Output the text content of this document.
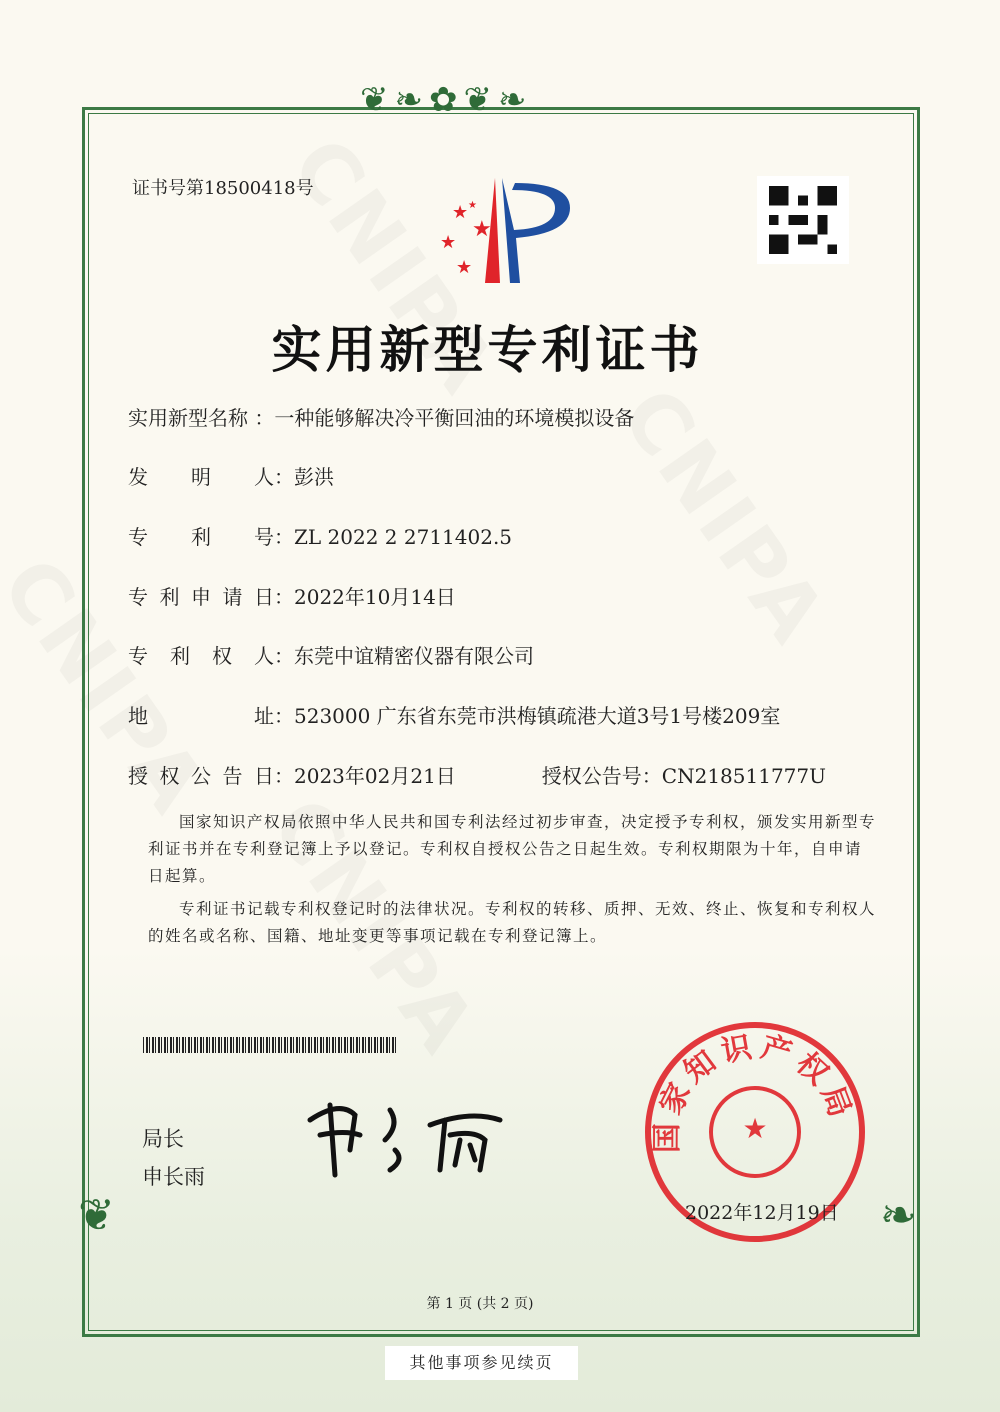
❦❧✿❦❧
❦	❧
证书号第18500418号
★
★
★
★
★
实用新型专利证书
实用新型名称 ：一种能够解决冷平衡回油的环境模拟设备
发明人：彭洪
专利号：ZL 2022 2 2711402.5
专利申请日：2022年10月14日
专利权人：东莞中谊精密仪器有限公司
地址：523000 广东省东莞市洪梅镇疏港大道3号1号楼209室
授权公告日：2023年02月21日	授权公告号：CN218511777U
国家知识产权局依照中华人民共和国专利法经过初步审查，决定授予专利权，颁发实用新型专利证书并在专利登记簿上予以登记。专利权自授权公告之日起生效。专利权期限为十年，自申请日起算。
专利证书记载专利权登记时的法律状况。专利权的转移、质押、无效、终止、恢复和专利权人的姓名或名称、国籍、地址变更等事项记载在专利登记簿上。
局长
申长雨
国家知识产权局
★
2022年12月19日
第 1 页 (共 2 页)
其他事项参见续页
